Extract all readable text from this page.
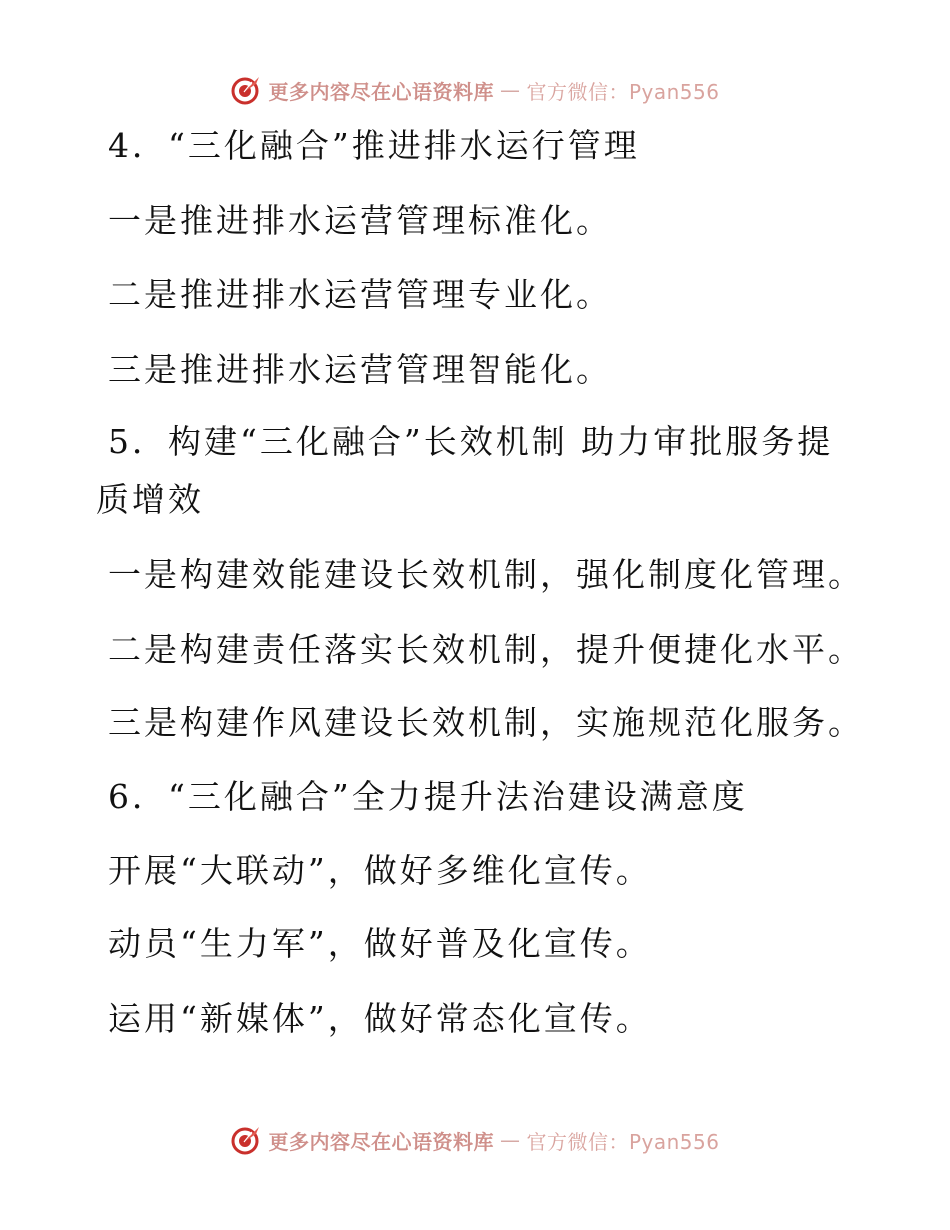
更多内容尽在心语资料库 — 官方微信：Pyan556
4．“三化融合”推进排水运行管理
一是推进排水运营管理标准化。
二是推进排水运营管理专业化。
三是推进排水运营管理智能化。
5．构建“三化融合”长效机制 助力审批服务提
质增效
一是构建效能建设长效机制，强化制度化管理。
二是构建责任落实长效机制，提升便捷化水平。
三是构建作风建设长效机制，实施规范化服务。
6．“三化融合”全力提升法治建设满意度
开展“大联动”，做好多维化宣传。
动员“生力军”，做好普及化宣传。
运用“新媒体”，做好常态化宣传。
更多内容尽在心语资料库 — 官方微信：Pyan556
